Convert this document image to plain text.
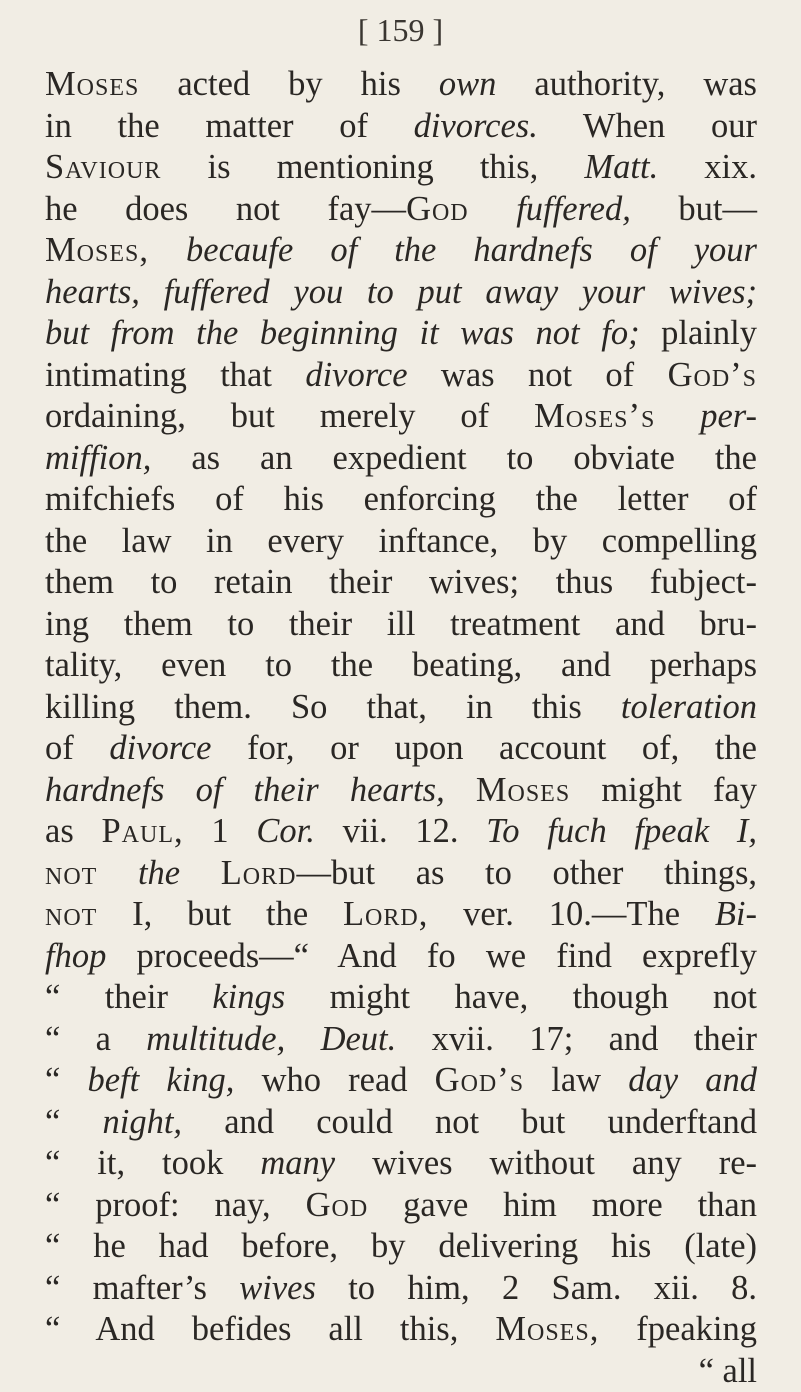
[ 159 ]
Moses acted by his own authority, was
in the matter of divorces. When our
Saviour is mentioning this, Matt. xix.
he does not fay—God fuffered, but—
Moses, becaufe of the hardnefs of your
hearts, fuffered you to put away your wives;
but from the beginning it was not fo; plainly
intimating that divorce was not of God’s
ordaining, but merely of Moses’s per-
miffion, as an expedient to obviate the
mifchiefs of his enforcing the letter of
the law in every inftance, by compelling
them to retain their wives; thus fubject-
ing them to their ill treatment and bru-
tality, even to the beating, and perhaps
killing them. So that, in this toleration
of divorce for, or upon account of, the
hardnefs of their hearts, Moses might fay
as Paul, 1 Cor. vii. 12. To fuch fpeak I,
not the Lord—but as to other things,
not I, but the Lord, ver. 10.—The Bi-
fhop proceeds—“ And fo we find exprefly
“ their kings might have, though not
“ a multitude, Deut. xvii. 17; and their
“ beft king, who read God’s law day and
“ night, and could not but underftand
“ it, took many wives without any re-
“ proof: nay, God gave him more than
“ he had before, by delivering his (late)
“ mafter’s wives to him, 2 Sam. xii. 8.
“ And befides all this, Moses, fpeaking
“ all
